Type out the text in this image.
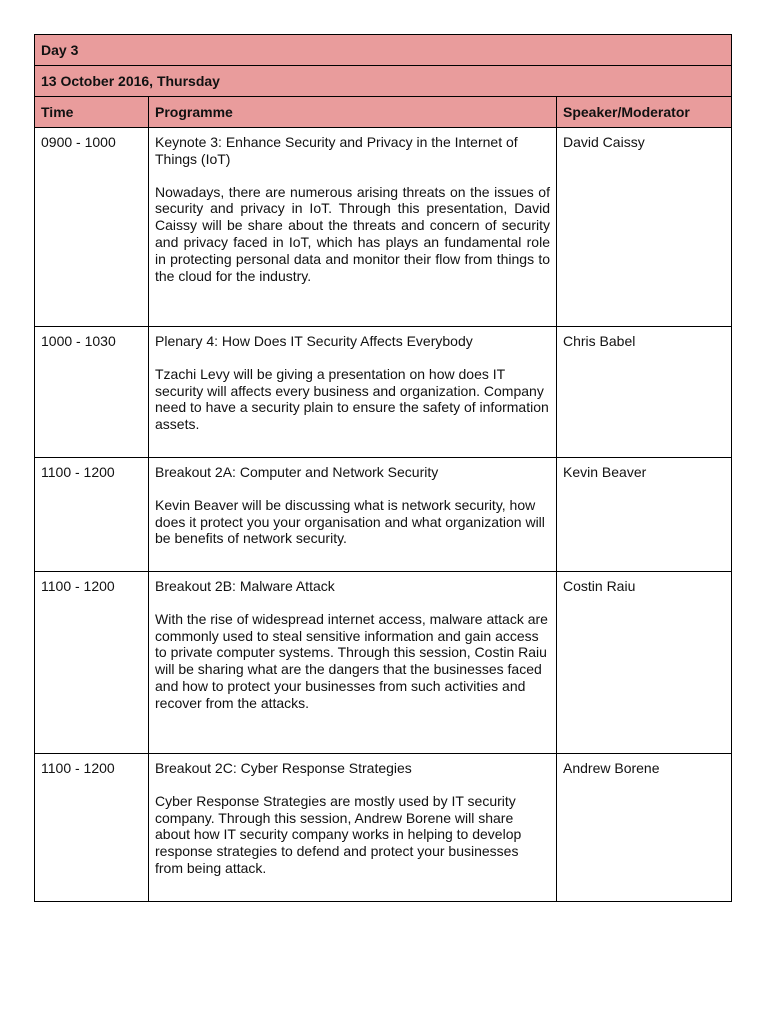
Day 3		
13 October 2016, Thursday		
Time	Programme	Speaker/Moderator
0900 - 1000	Keynote 3: Enhance Security and Privacy in the Internet of Things (IoT)

Nowadays, there are numerous arising threats on the issues of security and privacy in IoT. Through this presentation, David Caissy will be share about the threats and concern of security and privacy faced in IoT, which has plays an fundamental role in protecting personal data and monitor their flow from things to the cloud for the industry.	David Caissy
1000 - 1030	Plenary 4: How Does IT Security Affects Everybody

Tzachi Levy will be giving a presentation on how does IT security will affects every business and organization. Company need to have a security plain to ensure the safety of information assets.	Chris Babel
1100 - 1200	Breakout 2A: Computer and Network Security

Kevin Beaver will be discussing what is network security, how does it protect you your organisation and what organization will be benefits of network security.	Kevin Beaver
1100 - 1200	Breakout 2B: Malware Attack

With the rise of widespread internet access, malware attack are commonly used to steal sensitive information and gain access to private computer systems. Through this session, Costin Raiu will be sharing what are the dangers that the businesses faced and how to protect your businesses from such activities and recover from the attacks.	Costin Raiu
1100 - 1200	Breakout 2C: Cyber Response Strategies

Cyber Response Strategies are mostly used by IT security company. Through this session, Andrew Borene will share about how IT security company works in helping to develop response strategies to defend and protect your businesses from being attack.	Andrew Borene
